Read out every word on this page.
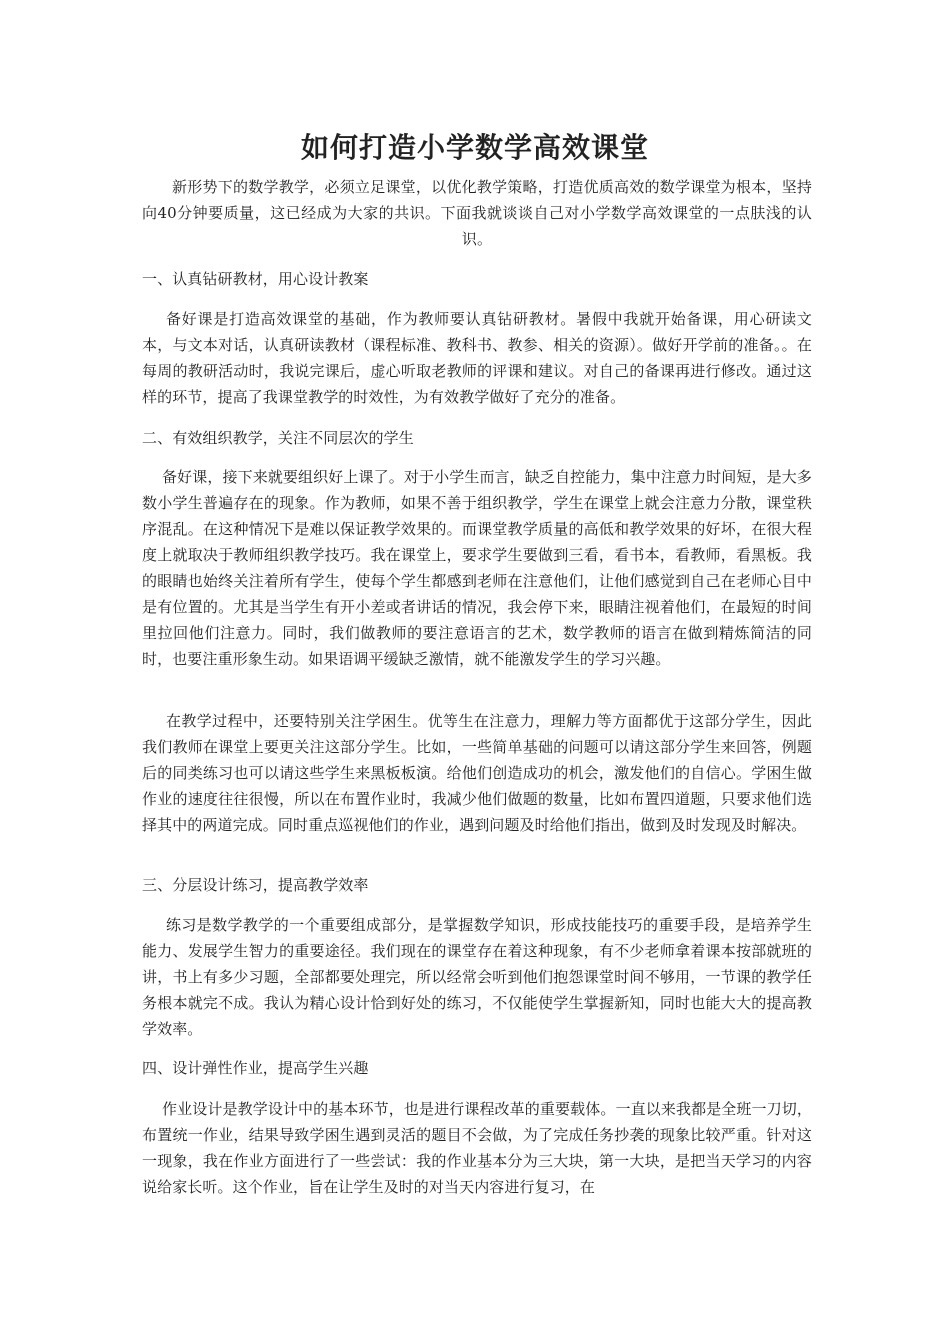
如何打造小学数学高效课堂
新形势下的数学教学，必须立足课堂，以优化教学策略，打造优质高效的数学课堂为根本，坚持向40分钟要质量，这已经成为大家的共识。下面我就谈谈自己对小学数学高效课堂的一点肤浅的认识。
一、认真钻研教材，用心设计教案
备好课是打造高效课堂的基础，作为教师要认真钻研教材。暑假中我就开始备课，用心研读文本，与文本对话，认真研读教材（课程标准、教科书、教参、相关的资源）。做好开学前的准备。。在每周的教研活动时，我说完课后，虚心听取老教师的评课和建议。对自己的备课再进行修改。通过这样的环节，提高了我课堂教学的时效性，为有效教学做好了充分的准备。
二、有效组织教学，关注不同层次的学生
备好课，接下来就要组织好上课了。对于小学生而言，缺乏自控能力，集中注意力时间短，是大多数小学生普遍存在的现象。作为教师，如果不善于组织教学，学生在课堂上就会注意力分散，课堂秩序混乱。在这种情况下是难以保证教学效果的。而课堂教学质量的高低和教学效果的好坏，在很大程度上就取决于教师组织教学技巧。我在课堂上，要求学生要做到三看，看书本，看教师，看黑板。我的眼睛也始终关注着所有学生，使每个学生都感到老师在注意他们，让他们感觉到自己在老师心目中是有位置的。尤其是当学生有开小差或者讲话的情况，我会停下来，眼睛注视着他们，在最短的时间里拉回他们注意力。同时，我们做教师的要注意语言的艺术，数学教师的语言在做到精炼简洁的同时，也要注重形象生动。如果语调平缓缺乏激情，就不能激发学生的学习兴趣。
在教学过程中，还要特别关注学困生。优等生在注意力，理解力等方面都优于这部分学生，因此我们教师在课堂上要更关注这部分学生。比如，一些简单基础的问题可以请这部分学生来回答，例题后的同类练习也可以请这些学生来黑板板演。给他们创造成功的机会，激发他们的自信心。学困生做作业的速度往往很慢，所以在布置作业时，我减少他们做题的数量，比如布置四道题，只要求他们选择其中的两道完成。同时重点巡视他们的作业，遇到问题及时给他们指出，做到及时发现及时解决。
三、分层设计练习，提高教学效率
练习是数学教学的一个重要组成部分，是掌握数学知识，形成技能技巧的重要手段，是培养学生能力、发展学生智力的重要途径。我们现在的课堂存在着这种现象，有不少老师拿着课本按部就班的讲，书上有多少习题，全部都要处理完，所以经常会听到他们抱怨课堂时间不够用，一节课的教学任务根本就完不成。我认为精心设计恰到好处的练习，不仅能使学生掌握新知，同时也能大大的提高教学效率。
四、设计弹性作业，提高学生兴趣
作业设计是教学设计中的基本环节，也是进行课程改革的重要载体。一直以来我都是全班一刀切，布置统一作业，结果导致学困生遇到灵活的题目不会做，为了完成任务抄袭的现象比较严重。针对这一现象，我在作业方面进行了一些尝试：我的作业基本分为三大块，第一大块，是把当天学习的内容说给家长听。这个作业，旨在让学生及时的对当天内容进行复习，在
